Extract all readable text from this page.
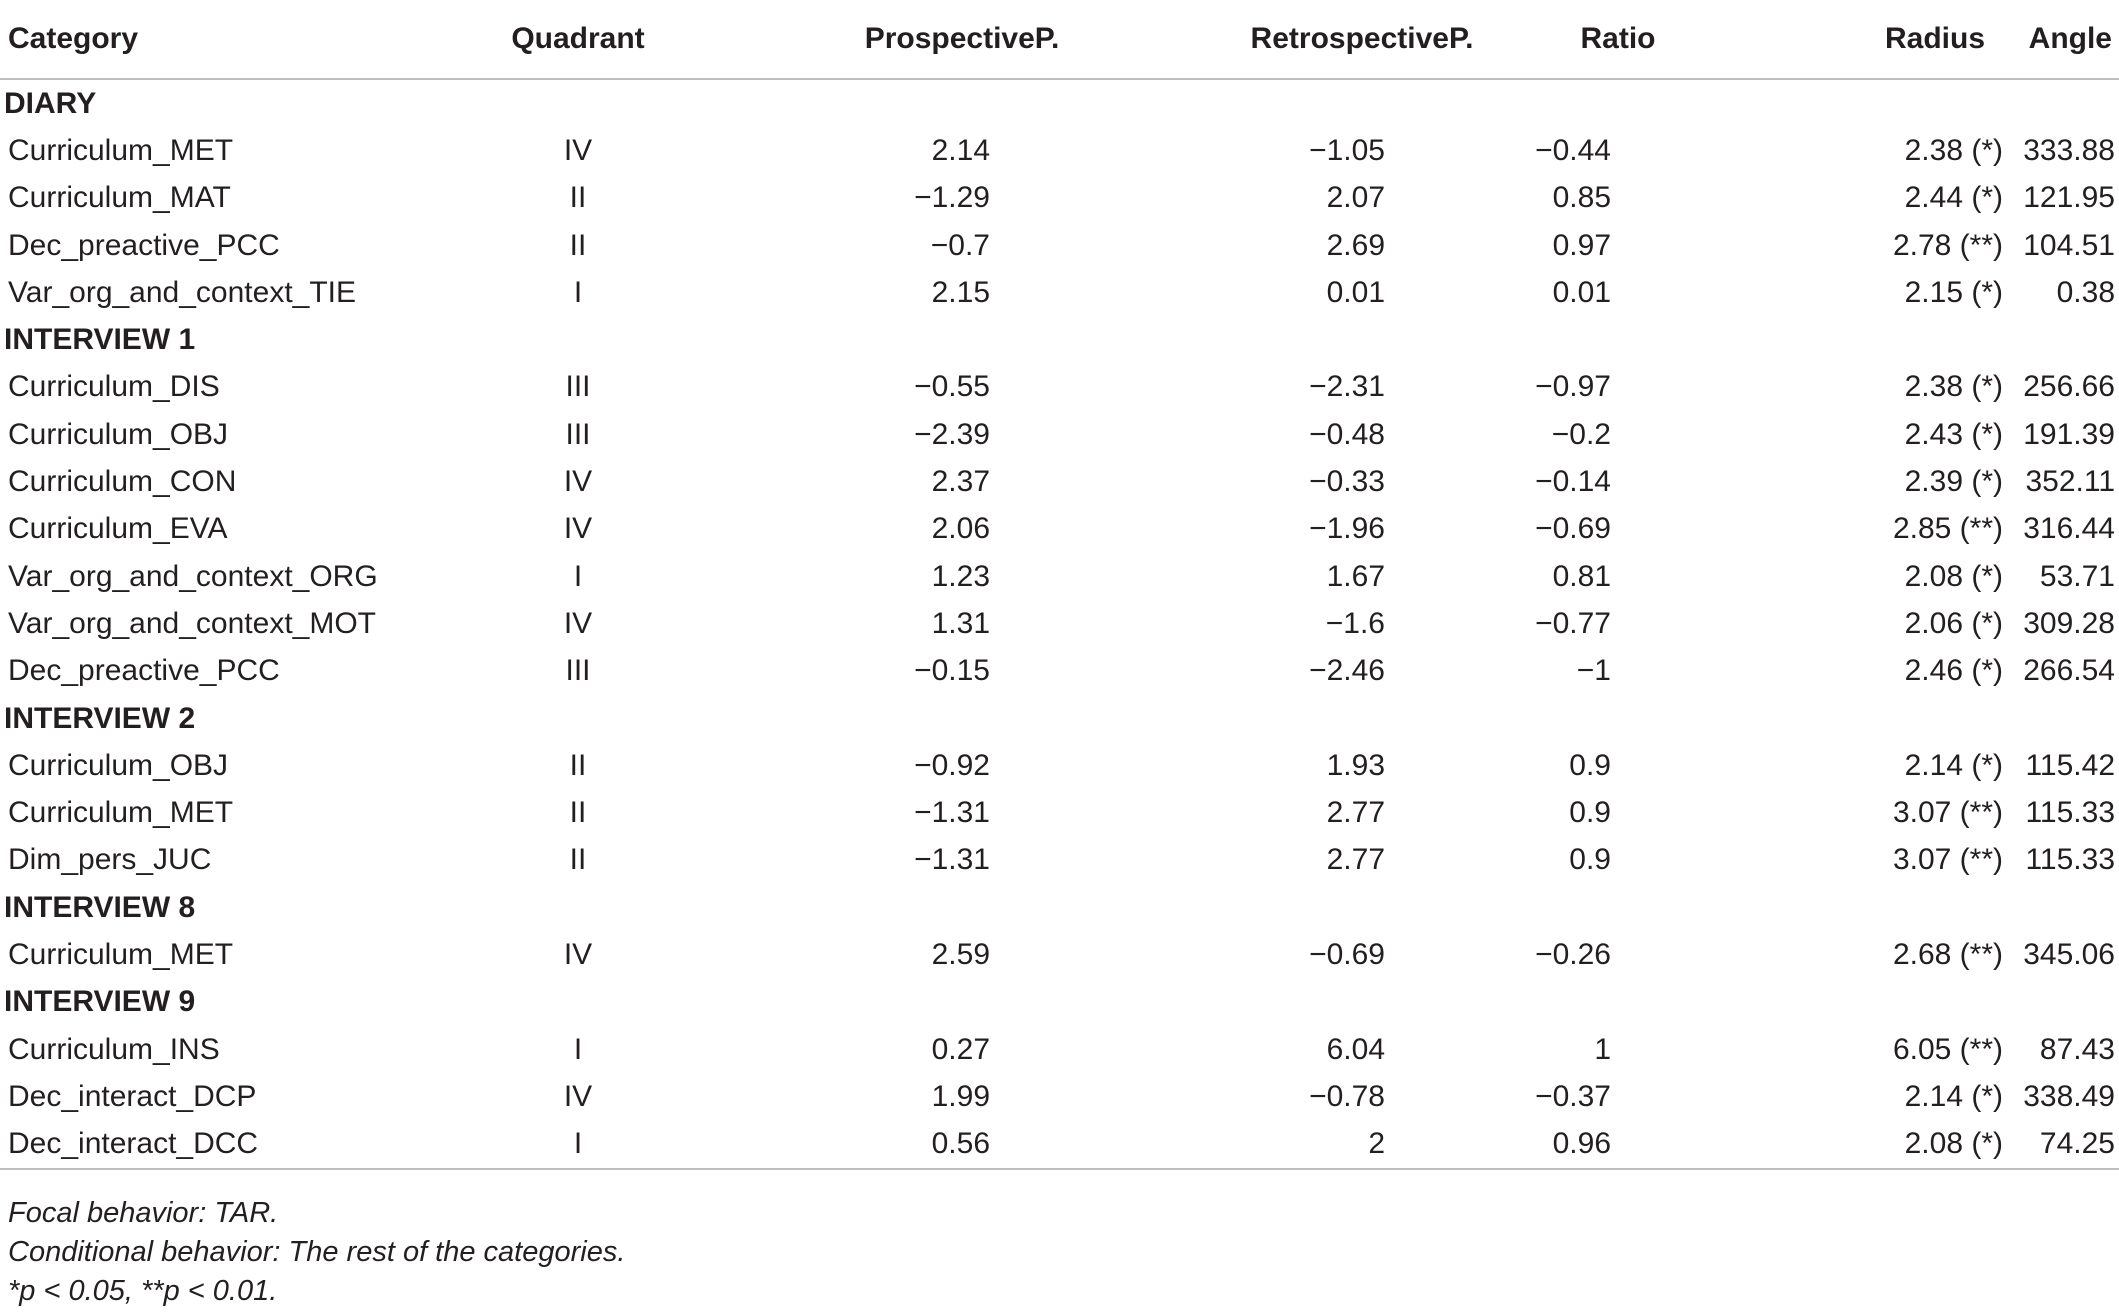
Category	Quadrant	ProspectiveP.	RetrospectiveP.	Ratio	Radius	Angle

DIARY						
Curriculum_MET	IV	2.14	−1.05	−0.44	2.38 (*)	333.88

Curriculum_MAT	II	−1.29	2.07	0.85	2.44 (*)	121.95

Dec_preactive_PCC	II	−0.7	2.69	0.97	2.78 (**)	104.51

Var_org_and_context_TIE	I	2.15	0.01	0.01	2.15 (*)	0.38

INTERVIEW 1						
Curriculum_DIS	III	−0.55	−2.31	−0.97	2.38 (*)	256.66

Curriculum_OBJ	III	−2.39	−0.48	−0.2	2.43 (*)	191.39

Curriculum_CON	IV	2.37	−0.33	−0.14	2.39 (*)	352.11

Curriculum_EVA	IV	2.06	−1.96	−0.69	2.85 (**)	316.44

Var_org_and_context_ORG	I	1.23	1.67	0.81	2.08 (*)	53.71

Var_org_and_context_MOT	IV	1.31	−1.6	−0.77	2.06 (*)	309.28

Dec_preactive_PCC	III	−0.15	−2.46	−1	2.46 (*)	266.54

INTERVIEW 2						
Curriculum_OBJ	II	−0.92	1.93	0.9	2.14 (*)	115.42

Curriculum_MET	II	−1.31	2.77	0.9	3.07 (**)	115.33

Dim_pers_JUC	II	−1.31	2.77	0.9	3.07 (**)	115.33

INTERVIEW 8						
Curriculum_MET	IV	2.59	−0.69	−0.26	2.68 (**)	345.06

INTERVIEW 9						
Curriculum_INS	I	0.27	6.04	1	6.05 (**)	87.43

Dec_interact_DCP	IV	1.99	−0.78	−0.37	2.14 (*)	338.49

Dec_interact_DCC	I	0.56	2	0.96	2.08 (*)	74.25
Focal behavior: TAR.
Conditional behavior: The rest of the categories.
*p < 0.05, **p < 0.01.
